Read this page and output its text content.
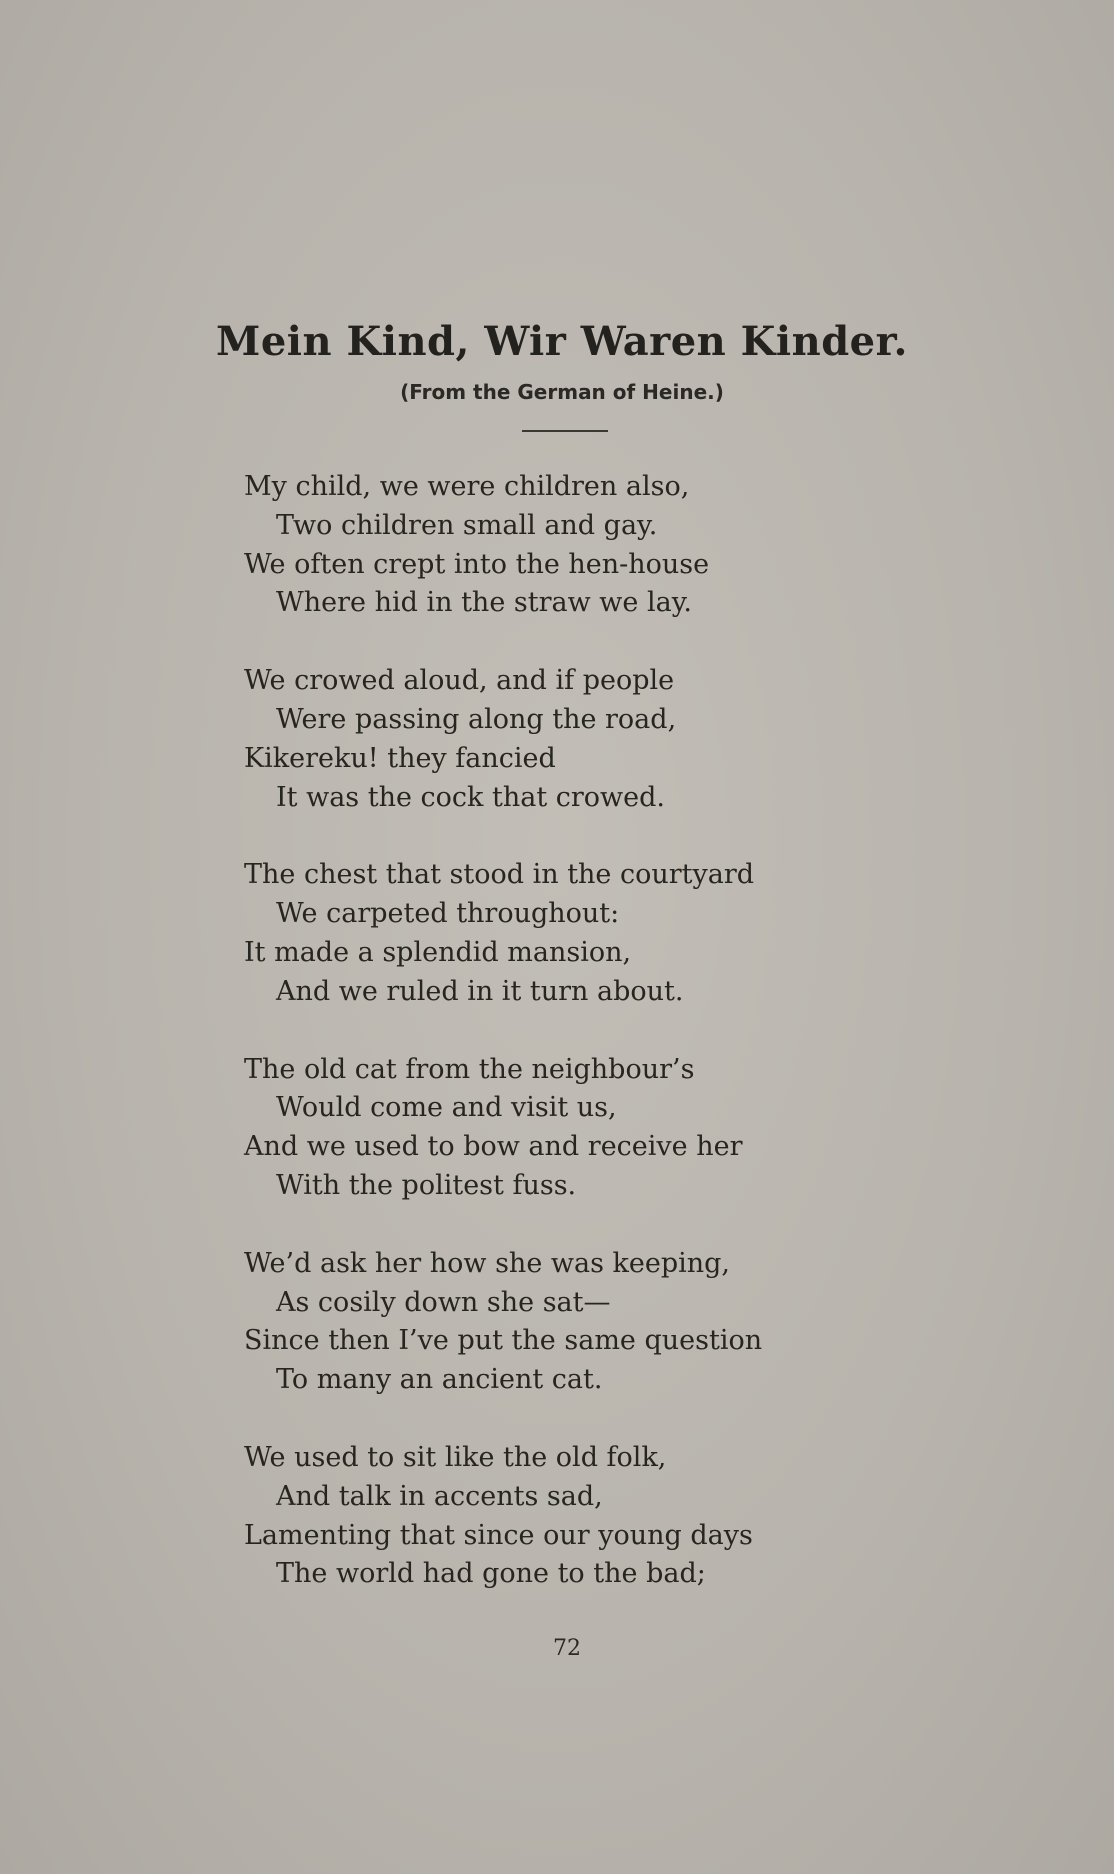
Mein Kind, Wir Waren Kinder.
(From the German of Heine.)
My child, we were children also,
Two children small and gay.
We often crept into the hen-house
Where hid in the straw we lay.
We crowed aloud, and if people
Were passing along the road,
Kikereku! they fancied
It was the cock that crowed.
The chest that stood in the courtyard
We carpeted throughout:
It made a splendid mansion,
And we ruled in it turn about.
The old cat from the neighbour’s
Would come and visit us,
And we used to bow and receive her
With the politest fuss.
We’d ask her how she was keeping,
As cosily down she sat—
Since then I’ve put the same question
To many an ancient cat.
We used to sit like the old folk,
And talk in accents sad,
Lamenting that since our young days
The world had gone to the bad;
72
